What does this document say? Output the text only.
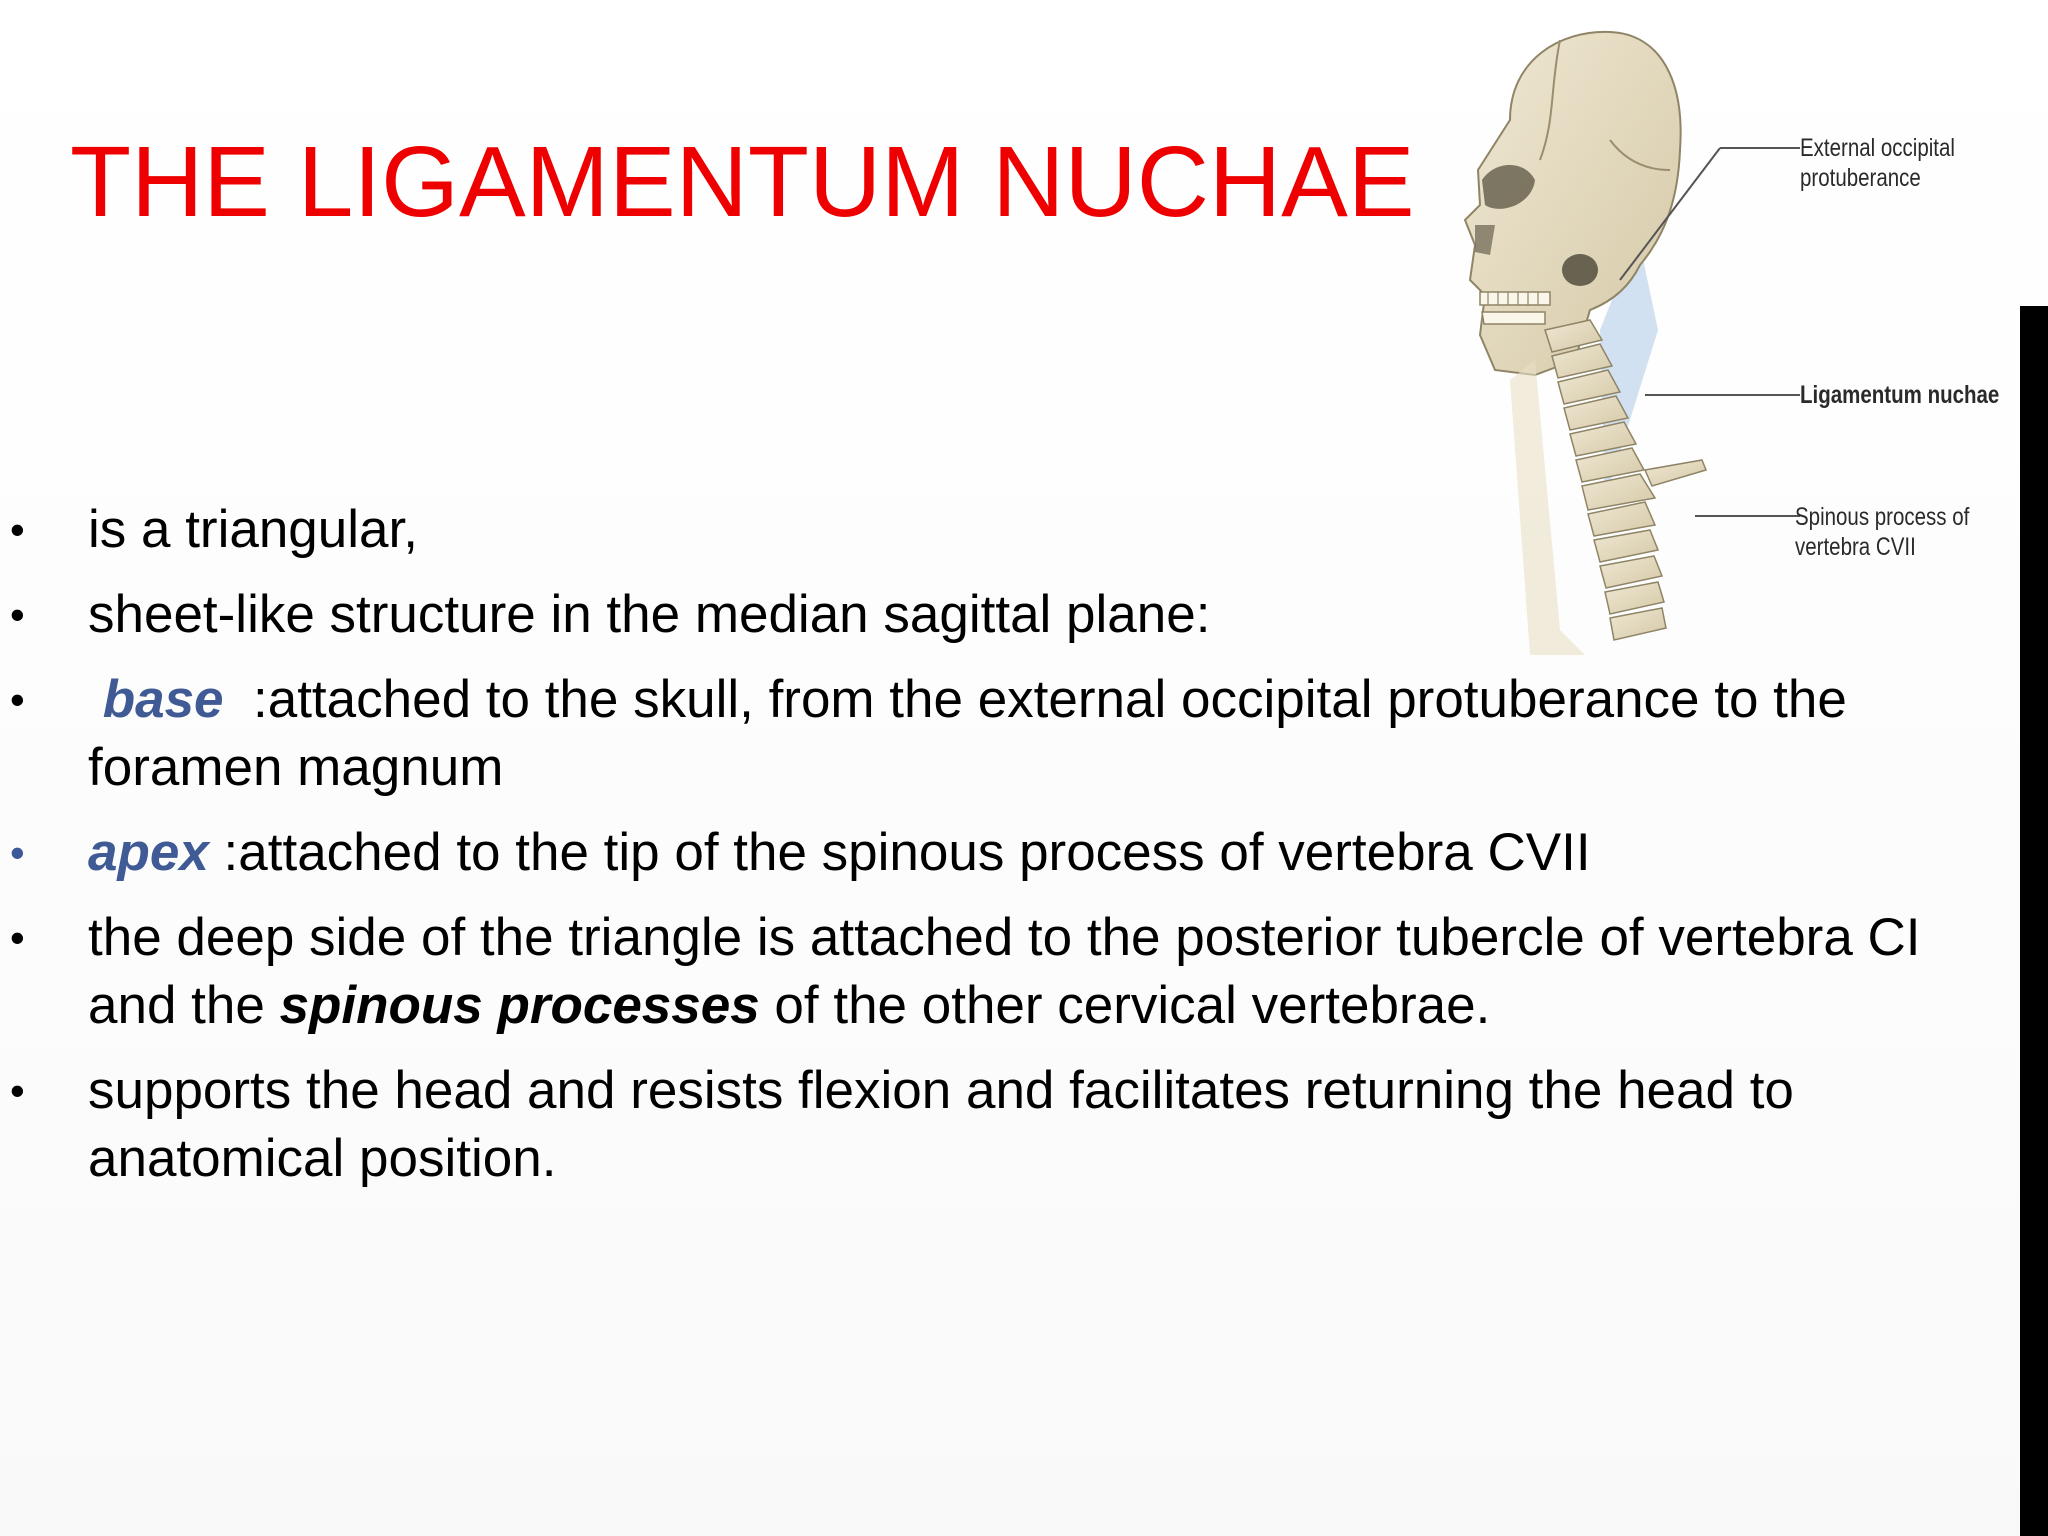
THE LIGAMENTUM NUCHAE	External occipital
protuberance
Ligamentum nuchae
Spinous process of
vertebra CVII
• is a triangular,
• sheet-like structure in the median sagittal plane:
• base  :attached to the skull, from the external occipital protuberance to the foramen magnum
• apex :attached to the tip of the spinous process of vertebra CVII
• the deep side of the triangle is attached to the posterior tubercle of vertebra CI and the spinous processes of the other cervical vertebrae.
• supports the head and resists flexion and facilitates returning the head to anatomical position.
